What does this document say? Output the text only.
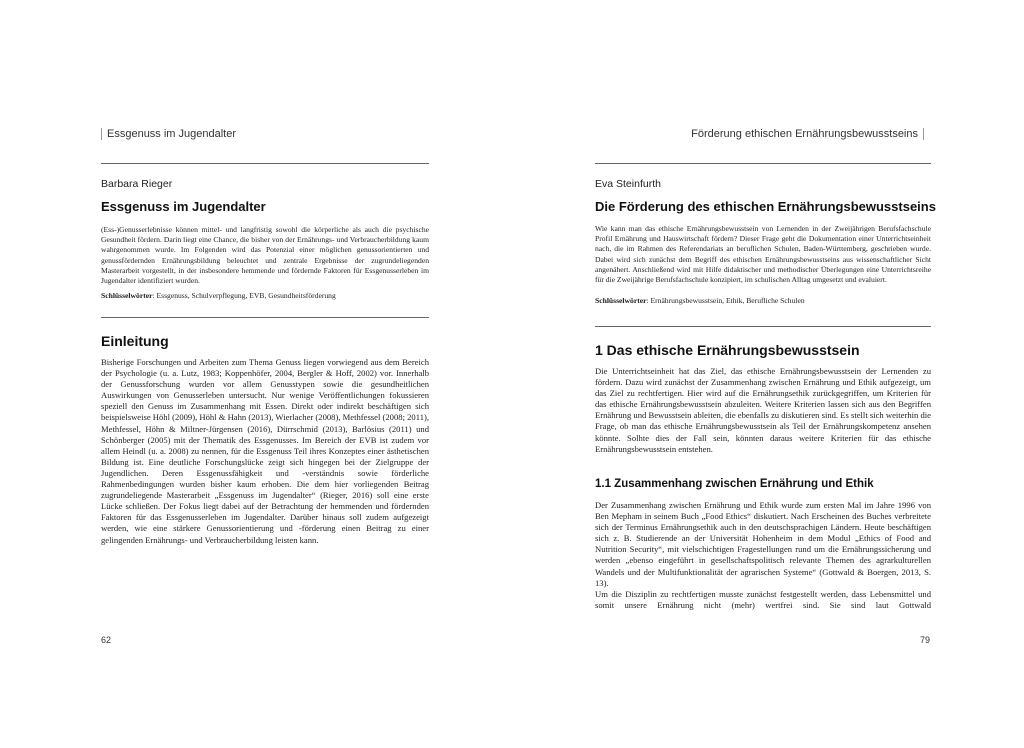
Essgenuss im Jugendalter
Barbara Rieger
Essgenuss im Jugendalter

(Ess-)Genusserlebnisse können mittel- und langfristig sowohl die körperliche als auch die psychische Gesundheit fördern. Darin liegt eine Chance, die bisher von der Ernährungs- und Verbraucherbildung kaum wahrgenommen wurde. Im Folgenden wird das Potenzial einer möglichen genussorientierten und genussfördernden Ernährungsbildung beleuchtet und zentrale Ergebnisse der zugrundeliegenden Masterarbeit vorgestellt, in der insbesondere hemmende und fördernde Faktoren für Essgenusserleben im Jugendalter identifiziert wurden.

Schlüsselwörter: Essgenuss, Schulverpflegung, EVB, Gesundheitsförderung
Einleitung

Bisherige Forschungen und Arbeiten zum Thema Genuss liegen vorwiegend aus dem Bereich der Psychologie (u. a. Lutz, 1983; Koppenhöfer, 2004, Bergler & Hoff, 2002) vor. Innerhalb der Genussforschung wurden vor allem Genusstypen sowie die gesundheitlichen Auswirkungen von Genusserleben untersucht. Nur wenige Veröffentlichungen fokussieren speziell den Genuss im Zusammenhang mit Essen. Direkt oder indirekt beschäftigen sich beispielsweise Höhl (2009), Höhl & Hahn (2013), Wierlacher (2008), Methfessel (2008; 2011), Methfessel, Höhn & Miltner-Jürgensen (2016), Dürrschmid (2013), Barlösius (2011) und Schönberger (2005) mit der Thematik des Essgenusses. Im Bereich der EVB ist zudem vor allem Heindl (u. a. 2008) zu nennen, für die Essgenuss Teil ihres Konzeptes einer ästhetischen Bildung ist. Eine deutliche Forschungslücke zeigt sich hingegen bei der Zielgruppe der Jugendlichen. Deren Essgenussfähigkeit und -verständnis sowie förderliche Rahmenbedingungen wurden bisher kaum erhoben. Die dem hier vorliegenden Beitrag zugrundeliegende Masterarbeit „Essgenuss im Jugendalter“ (Rieger, 2016) soll eine erste Lücke schließen. Der Fokus liegt dabei auf der Betrachtung der hemmenden und fördernden Faktoren für das Essgenusserleben im Jugendalter. Darüber hinaus soll zudem aufgezeigt werden, wie eine stärkere Genussorientierung und -förderung einen Beitrag zu einer gelingenden Ernährungs- und Verbraucherbildung leisten kann.

62
Förderung ethischen Ernährungsbewusstseins
Eva Steinfurth
Die Förderung des ethischen Ernährungsbewusstseins

Wie kann man das ethische Ernährungsbewusstsein von Lernenden in der Zweijährigen Berufsfachschule Profil Ernährung und Hauswirtschaft fördern? Dieser Frage geht die Dokumentation einer Unterrichtseinheit nach, die im Rahmen des Referendariats an beruflichen Schulen, Baden-Württemberg, geschrieben wurde. Dabei wird sich zunächst dem Begriff des ethischen Ernährungsbewusstseins aus wissenschaftlicher Sicht angenähert. Anschließend wird mit Hilfe didaktischer und methodischer Überlegungen eine Unterrichtsreihe für die Zweijährige Berufsfachschule konzipiert, im schulischen Alltag umgesetzt und evaluiert.

Schlüsselwörter: Ernährungsbewusstsein, Ethik, Berufliche Schulen
1 Das ethische Ernährungsbewusstsein

Die Unterrichtseinheit hat das Ziel, das ethische Ernährungsbewusstsein der Lernenden zu fördern. Dazu wird zunächst der Zusammenhang zwischen Ernährung und Ethik aufgezeigt, um das Ziel zu rechtfertigen. Hier wird auf die Ernährungsethik zurückgegriffen, um Kriterien für das ethische Ernährungsbewusstsein abzuleiten. Weitere Kriterien lassen sich aus den Begriffen Ernährung und Bewusstsein ableiten, die ebenfalls zu diskutieren sind. Es stellt sich weiterhin die Frage, ob man das ethische Ernährungsbewusstsein als Teil der Ernährungskompetenz ansehen könnte. Solhte dies der Fall sein, könnten daraus weitere Kriterien für das ethische Ernährungsbewusstsein entstehen.

1.1 Zusammenhang zwischen Ernährung und Ethik

Der Zusammenhang zwischen Ernährung und Ethik wurde zum ersten Mal im Jahre 1996 von Ben Mepham in seinem Buch „Food Ethics“ diskutiert. Nach Erscheinen des Buches verbreitete sich der Terminus Ernährungsethik auch in den deutschsprachigen Ländern. Heute beschäftigen sich z. B. Studierende an der Universität Hohenheim in dem Modul „Ethics of Food and Nutrition Security“, mit vielschichtigen Fragestellungen rund um die Ernährungssicherung und werden „ebenso eingeführt in gesellschaftspolitisch relevante Themen des agrarkulturellen Wandels und der Multifunktionalität der agrarischen Systeme“ (Gottwald & Boergen, 2013, S. 13).

Um die Disziplin zu rechtfertigen musste zunächst festgestellt werden, dass Lebensmittel und somit unsere Ernährung nicht (mehr) wertfrei sind. Sie sind laut Gottwald

79
